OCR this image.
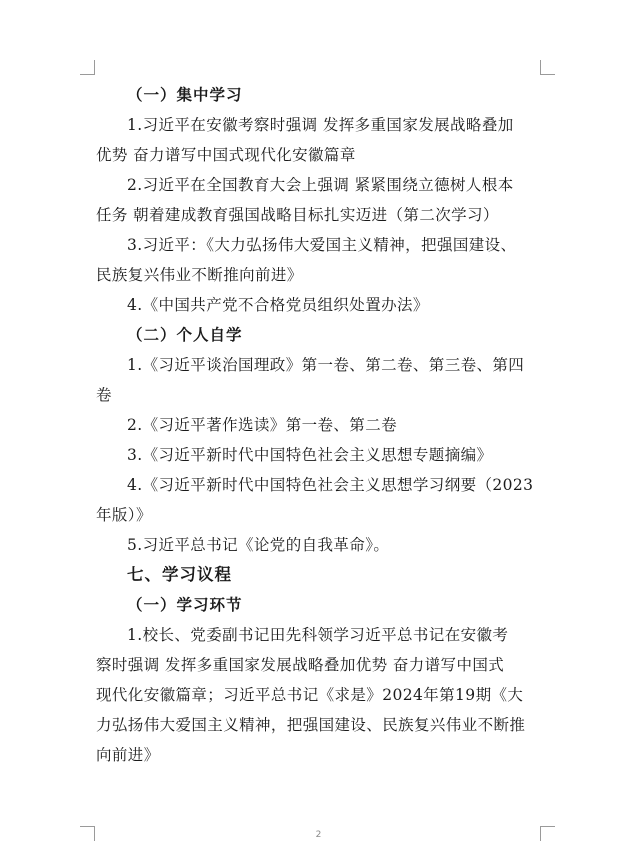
（一）集中学习
1.习近平在安徽考察时强调 发挥多重国家发展战略叠加
优势 奋力谱写中国式现代化安徽篇章
2.习近平在全国教育大会上强调 紧紧围绕立德树人根本
任务 朝着建成教育强国战略目标扎实迈进（第二次学习）
3.习近平：《大力弘扬伟大爱国主义精神，把强国建设、
民族复兴伟业不断推向前进》
4.《中国共产党不合格党员组织处置办法》
（二）个人自学
1.《习近平谈治国理政》第一卷、第二卷、第三卷、第四
卷
2.《习近平著作选读》第一卷、第二卷
3.《习近平新时代中国特色社会主义思想专题摘编》
4.《习近平新时代中国特色社会主义思想学习纲要（2023
年版）》
5.习近平总书记《论党的自我革命》。
七、学习议程
（一）学习环节
1.校长、党委副书记田先科领学习近平总书记在安徽考
察时强调 发挥多重国家发展战略叠加优势 奋力谱写中国式
现代化安徽篇章；习近平总书记《求是》2024年第19期《大
力弘扬伟大爱国主义精神，把强国建设、民族复兴伟业不断推
向前进》
2
